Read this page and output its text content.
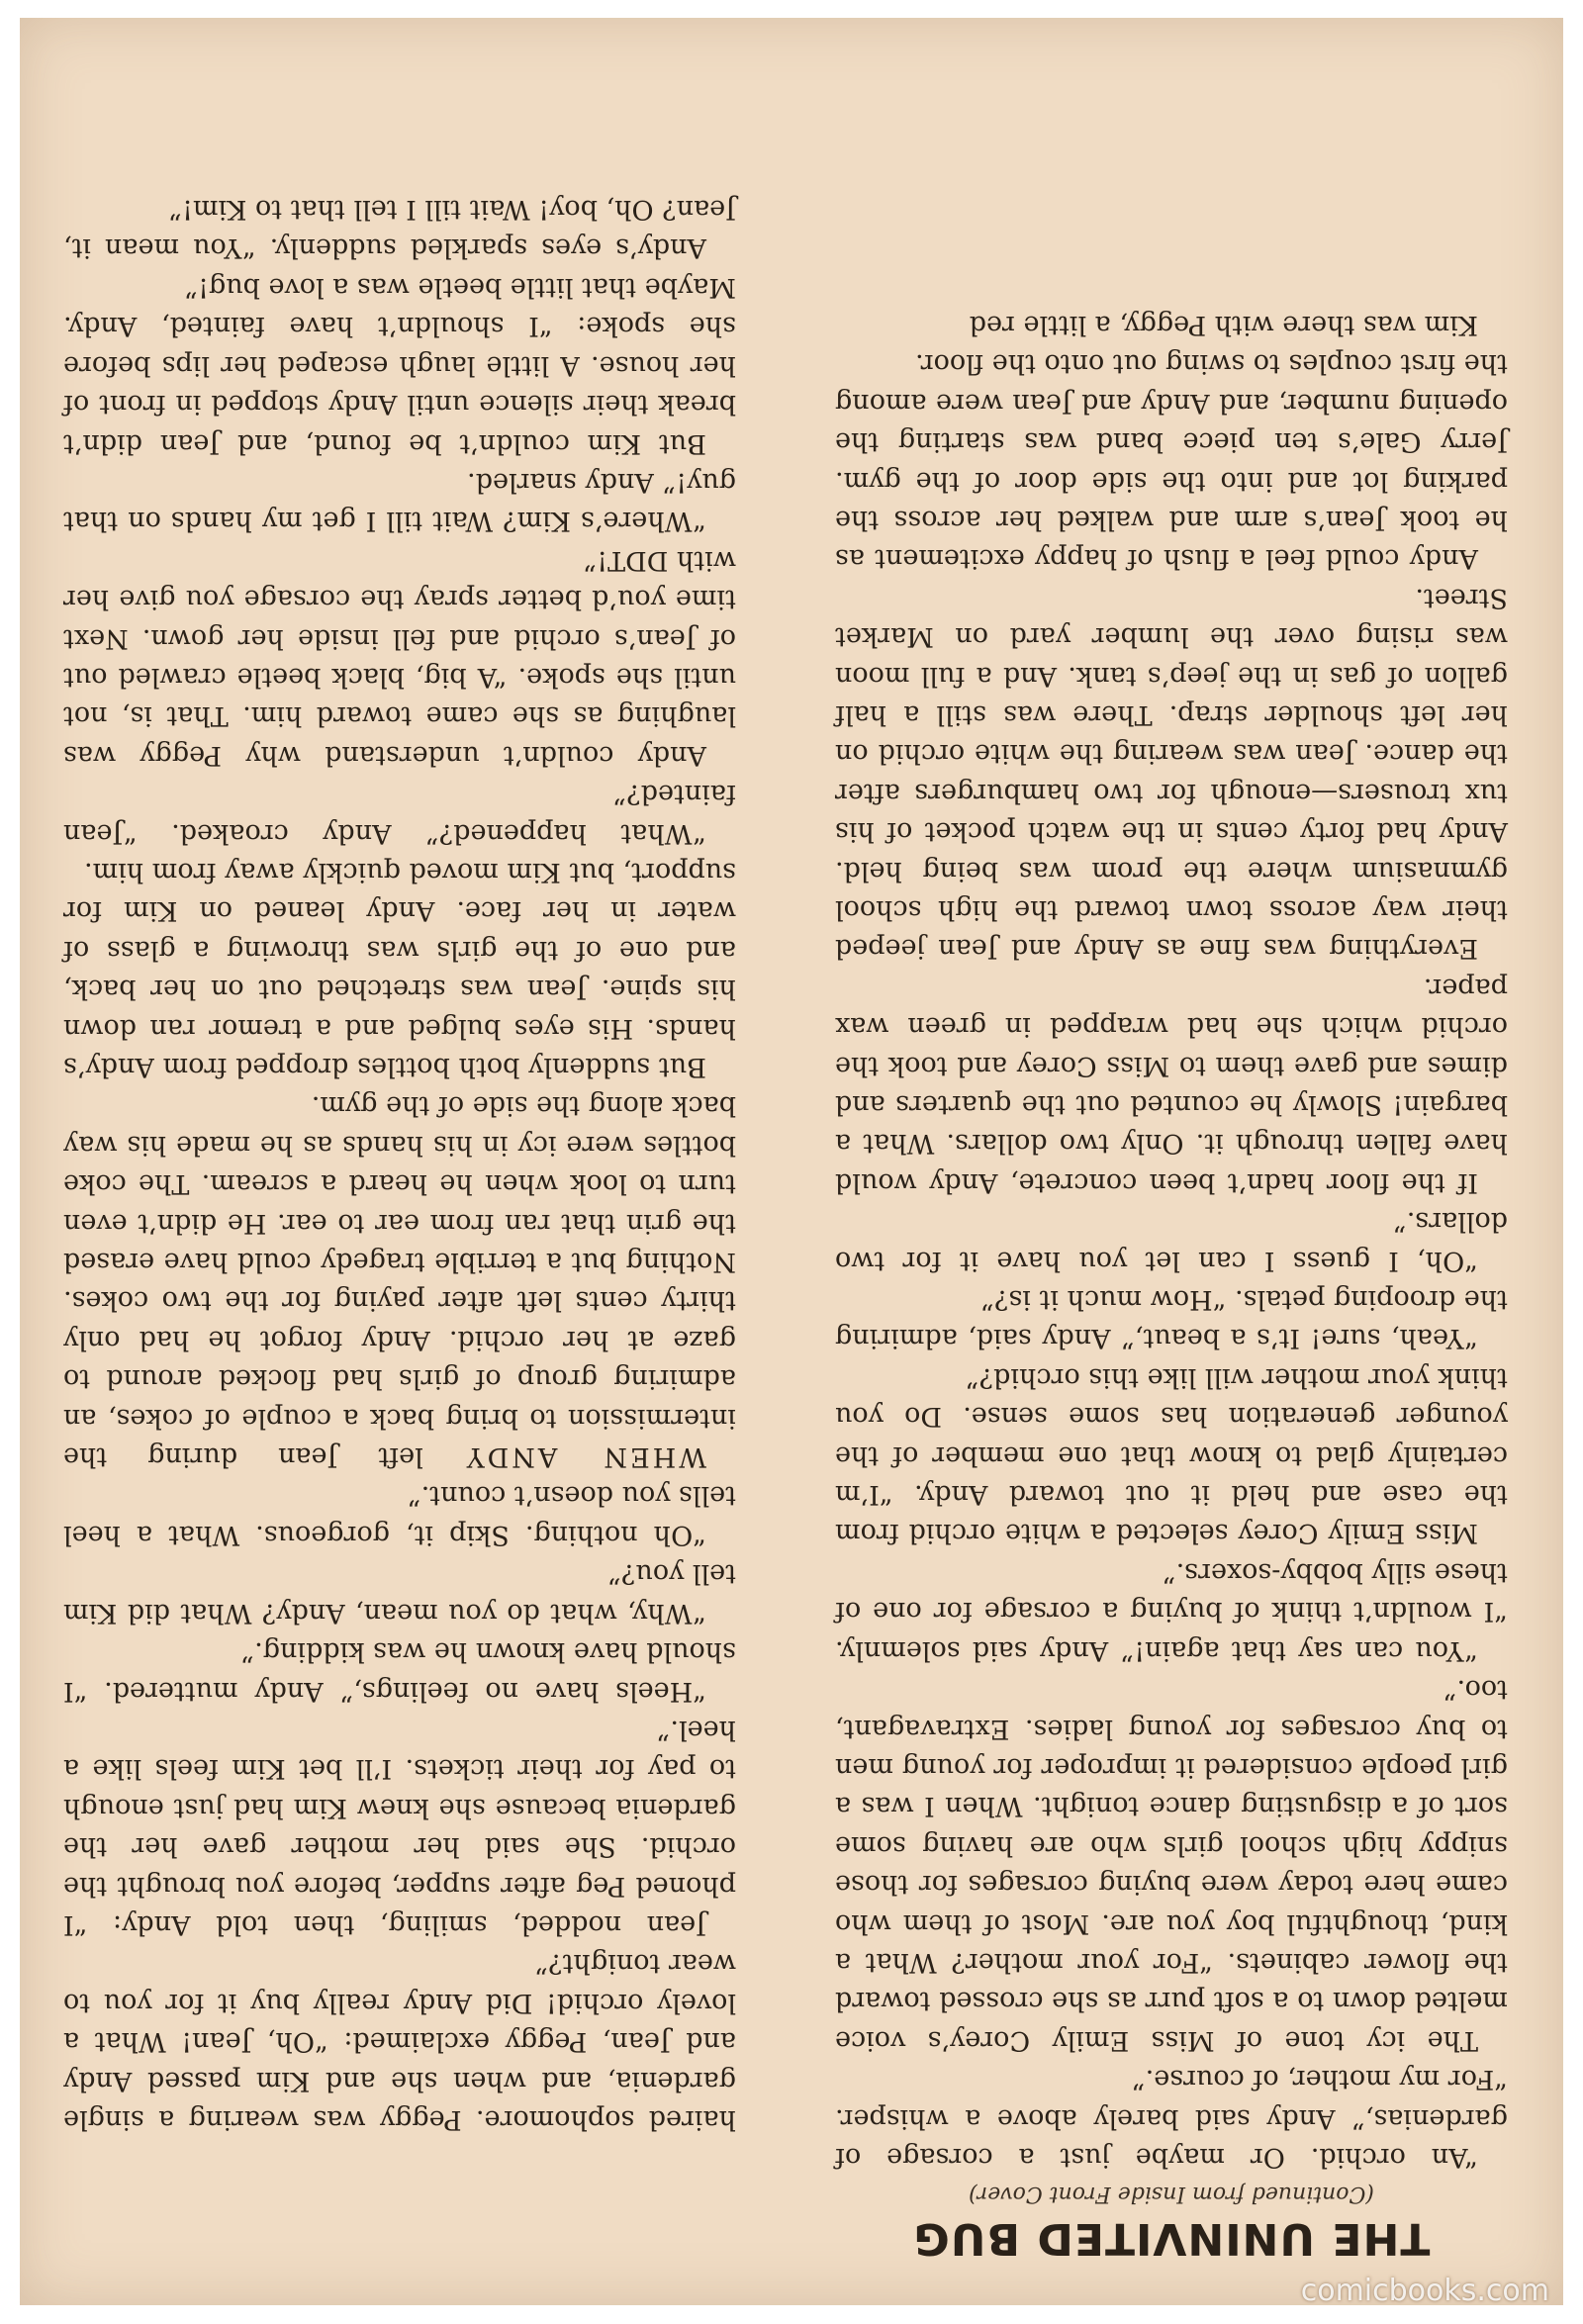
THE UNINVITED BUG
(Continued from Inside Front Cover)

“An orchid. Or maybe just a corsage of gardenias,” Andy said barely above a whisper. “For my mother, of course.”

The icy tone of Miss Emily Corey’s voice melted down to a soft purr as she crossed toward the flower cabinets. “For your mother? What a kind, thoughtful boy you are. Most of them who came here today were buying corsages for those snippy high school girls who are having some sort of a disgusting dance tonight. When I was a girl people considered it improper for young men to buy corsages for young ladies. Extravagant, too.”

“You can say that again!” Andy said solemnly. “I wouldn’t think of buying a corsage for one of these silly bobby-soxers.”

Miss Emily Corey selected a white orchid from the case and held it out toward Andy. “I’m certainly glad to know that one member of the younger generation has some sense. Do you think your mother will like this orchid?”

“Yeah, sure! It’s a beaut,” Andy said, admiring the drooping petals. “How much it is?”

“Oh, I guess I can let you have it for two dollars.”

If the floor hadn’t been concrete, Andy would have fallen through it. Only two dollars. What a bargain! Slowly he counted out the quarters and dimes and gave them to Miss Corey and took the orchid which she had wrapped in green wax paper.

Everything was fine as Andy and Jean jeeped their way across town toward the high school gymnasium where the prom was being held. Andy had forty cents in the watch pocket of his tux trousers—enough for two hamburgers after the dance. Jean was wearing the white orchid on her left shoulder strap. There was still a half gallon of gas in the jeep’s tank. And a full moon was rising over the lumber yard on Market Street.

Andy could feel a flush of happy excitement as he took Jean’s arm and walked her across the parking lot and into the side door of the gym. Jerry Gale’s ten piece band was starting the opening number, and Andy and Jean were among the first couples to swing out onto the floor.

Kim was there with Peggy, a little red

haired sophomore. Peggy was wearing a single gardenia, and when she and Kim passed Andy and Jean, Peggy exclaimed: “Oh, Jean! What a lovely orchid! Did Andy really buy it for you to wear tonight?”

Jean nodded, smiling, then told Andy: “I phoned Peg after supper, before you brought the orchid. She said her mother gave her the gardenia because she knew Kim had just enough to pay for their tickets. I’ll bet Kim feels like a heel.”

“Heels have no feelings,” Andy muttered. “I should have known he was kidding.”

“Why, what do you mean, Andy? What did Kim tell you?”

“Oh nothing. Skip it, gorgeous. What a heel tells you doesn’t count.”

WHEN ANDY left Jean during the intermission to bring back a couple of cokes, an admiring group of girls had flocked around to gaze at her orchid. Andy forgot he had only thirty cents left after paying for the two cokes. Nothing but a terrible tragedy could have erased the grin that ran from ear to ear. He didn’t even turn to look when he heard a scream. The coke bottles were icy in his hands as he made his way back along the side of the gym.

But suddenly both bottles dropped from Andy’s hands. His eyes bulged and a tremor ran down his spine. Jean was stretched out on her back, and one of the girls was throwing a glass of water in her face. Andy leaned on Kim for support, but Kim moved quickly away from him.

“What happened?” Andy croaked. “Jean fainted?”

Andy couldn’t understand why Peggy was laughing as she came toward him. That is, not until she spoke. “A big, black beetle crawled out of Jean’s orchid and fell inside her gown. Next time you’d better spray the corsage you give her with DDT!”

“Where’s Kim? Wait till I get my hands on that guy!” Andy snarled.

But Kim couldn’t be found, and Jean didn’t break their silence until Andy stopped in front of her house. A little laugh escaped her lips before she spoke: “I shouldn’t have fainted, Andy. Maybe that little beetle was a love bug!”

Andy’s eyes sparkled suddenly. “You mean it, Jean? Oh, boy! Wait till I tell that to Kim!”

comicbooks.com
